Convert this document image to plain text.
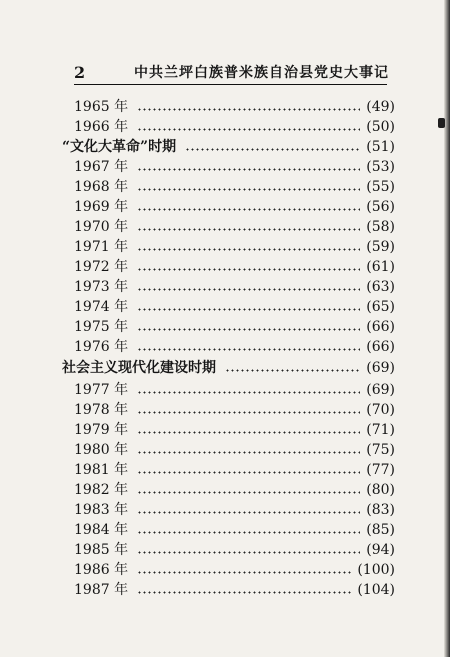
2	中共兰坪白族普米族自治县党史大事记
1965 年	(49)
1966 年	(50)
“文化大革命”时期	(51)
1967 年	(53)
1968 年	(55)
1969 年	(56)
1970 年	(58)
1971 年	(59)
1972 年	(61)
1973 年	(63)
1974 年	(65)
1975 年	(66)
1976 年	(66)
社会主义现代化建设时期	(69)
1977 年	(69)
1978 年	(70)
1979 年	(71)
1980 年	(75)
1981 年	(77)
1982 年	(80)
1983 年	(83)
1984 年	(85)
1985 年	(94)
1986 年	(100)
1987 年	(104)
